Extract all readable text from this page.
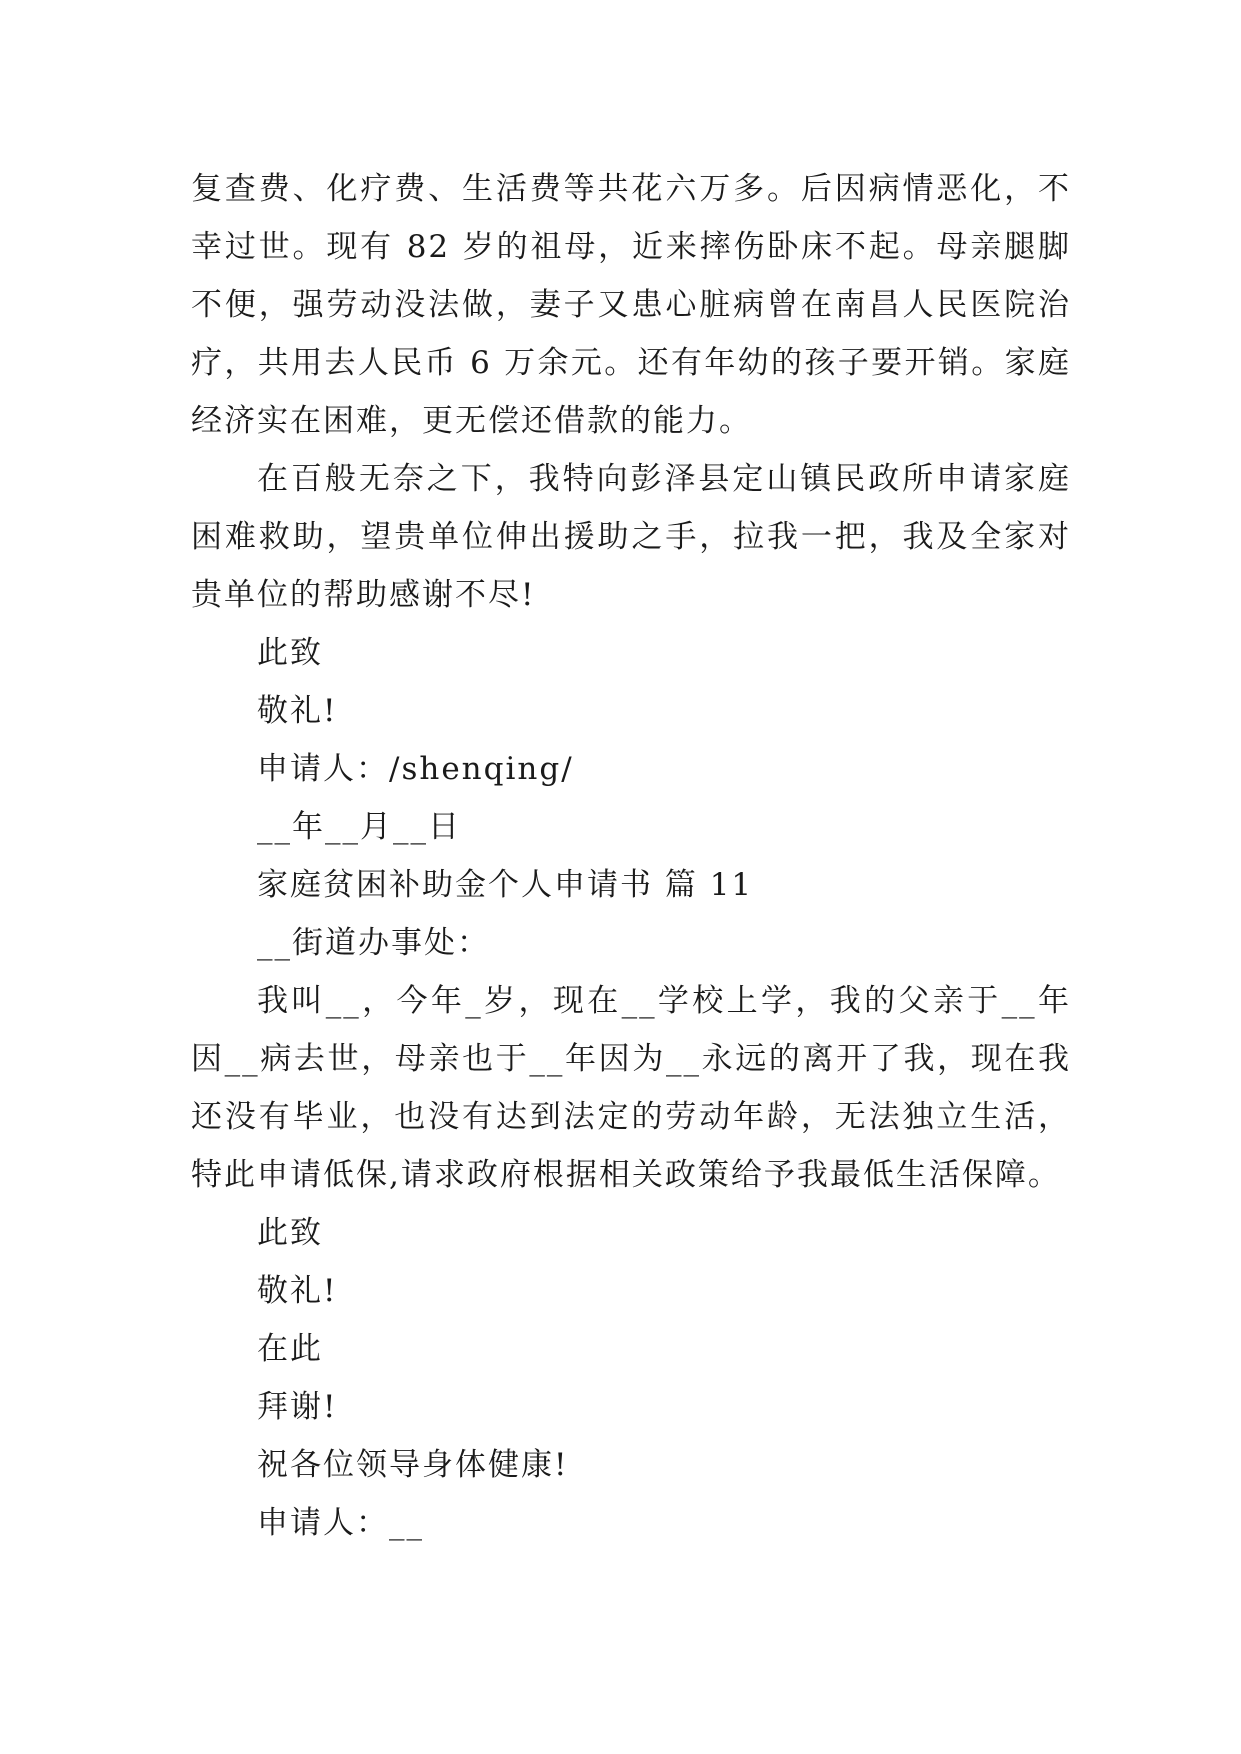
复查费、化疗费、生活费等共花六万多。后因病情恶化，不
幸过世。现有 82 岁的祖母，近来摔伤卧床不起。母亲腿脚
不便，强劳动没法做，妻子又患心脏病曾在南昌人民医院治
疗，共用去人民币 6 万余元。还有年幼的孩子要开销。家庭
经济实在困难，更无偿还借款的能力。
在百般无奈之下，我特向彭泽县定山镇民政所申请家庭
困难救助，望贵单位伸出援助之手，拉我一把，我及全家对
贵单位的帮助感谢不尽!
此致
敬礼!
申请人：/shenqing/
__年__月__日
家庭贫困补助金个人申请书 篇 11
__街道办事处：
我叫__，今年_岁，现在__学校上学，我的父亲于__年
因__病去世，母亲也于__年因为__永远的离开了我，现在我
还没有毕业，也没有达到法定的劳动年龄，无法独立生活，
特此申请低保,请求政府根据相关政策给予我最低生活保障。
此致
敬礼!
在此
拜谢!
祝各位领导身体健康!
申请人：__
